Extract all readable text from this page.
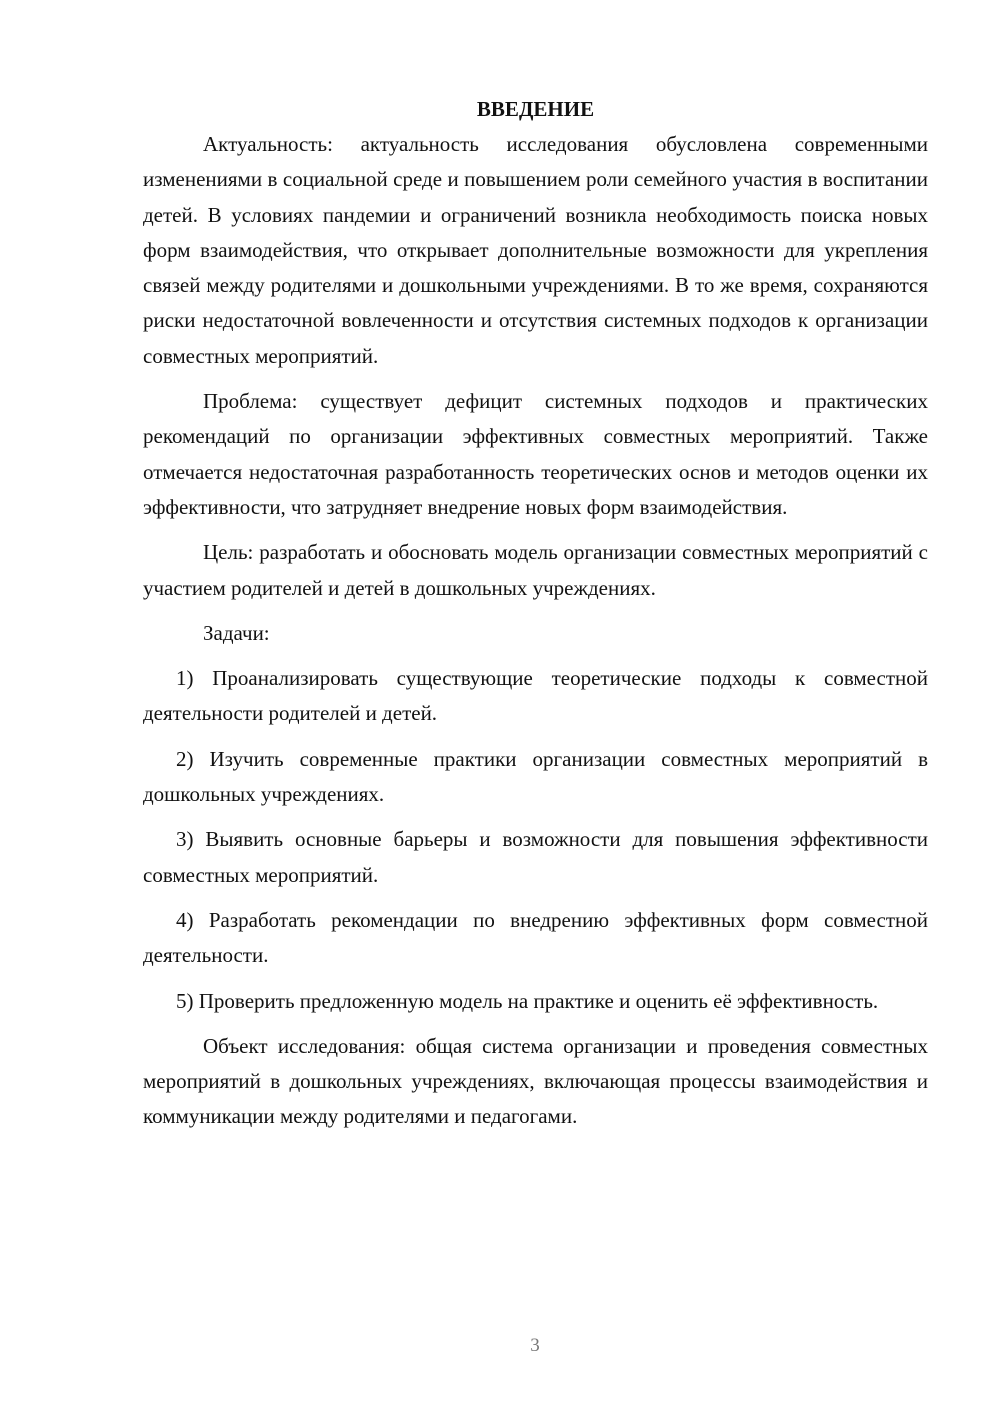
ВВЕДЕНИЕ

Актуальность: актуальность исследования обусловлена современными изменениями в социальной среде и повышением роли семейного участия в воспитании детей. В условиях пандемии и ограничений возникла необходимость поиска новых форм взаимодействия, что открывает дополнительные возможности для укрепления связей между родителями и дошкольными учреждениями. В то же время, сохраняются риски недостаточной вовлеченности и отсутствия системных подходов к организации совместных мероприятий.

Проблема: существует дефицит системных подходов и практических рекомендаций по организации эффективных совместных мероприятий. Также отмечается недостаточная разработанность теоретических основ и методов оценки их эффективности, что затрудняет внедрение новых форм взаимодействия.

Цель: разработать и обосновать модель организации совместных мероприятий с участием родителей и детей в дошкольных учреждениях.

Задачи:

1) Проанализировать существующие теоретические подходы к совместной деятельности родителей и детей.

2) Изучить современные практики организации совместных мероприятий в дошкольных учреждениях.

3) Выявить основные барьеры и возможности для повышения эффективности совместных мероприятий.

4) Разработать рекомендации по внедрению эффективных форм совместной деятельности.

5) Проверить предложенную модель на практике и оценить её эффективность.

Объект исследования: общая система организации и проведения совместных мероприятий в дошкольных учреждениях, включающая процессы взаимодействия и коммуникации между родителями и педагогами.

3
